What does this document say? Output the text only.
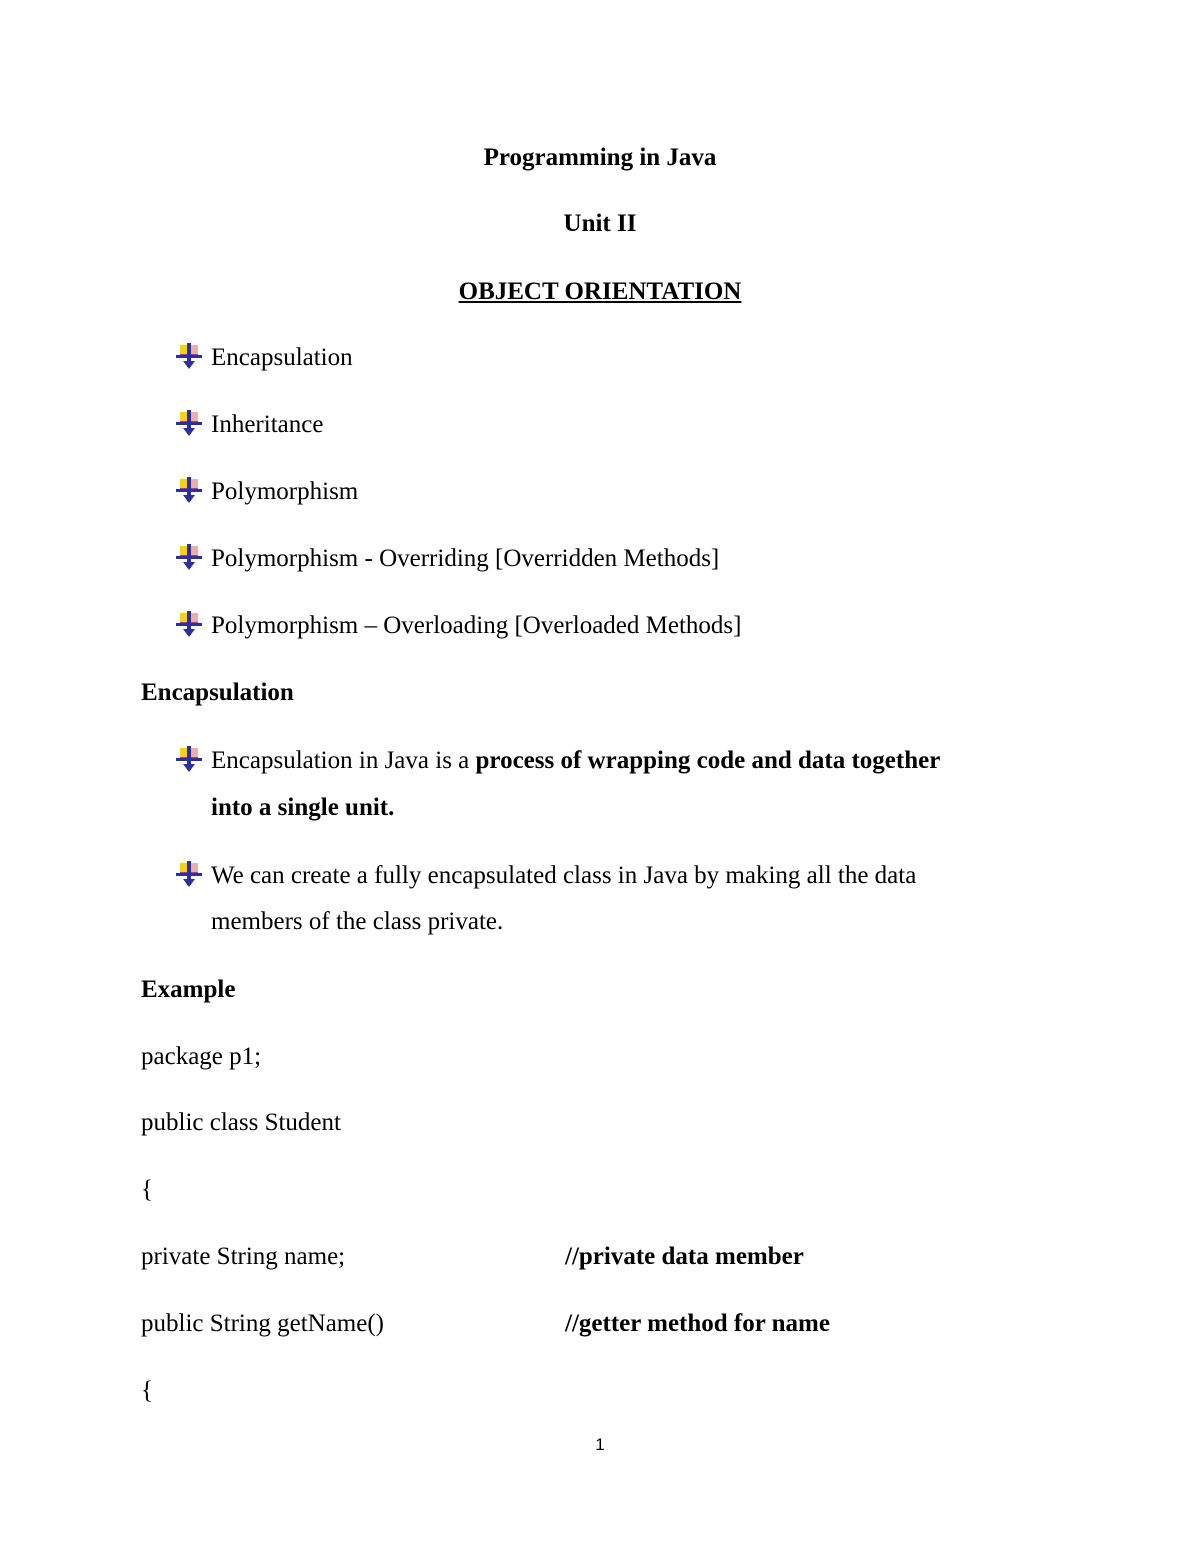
Programming in Java
Unit II
OBJECT ORIENTATION
Encapsulation
Inheritance
Polymorphism
Polymorphism - Overriding [Overridden Methods]
Polymorphism – Overloading [Overloaded Methods]
Encapsulation
Encapsulation in Java is a process of wrapping code and data together
into a single unit.
We can create a fully encapsulated class in Java by making all the data
members of the class private.
Example
package p1;
public class Student
{
private String name;	//private data member
public String getName()	//getter method for name
{
1
